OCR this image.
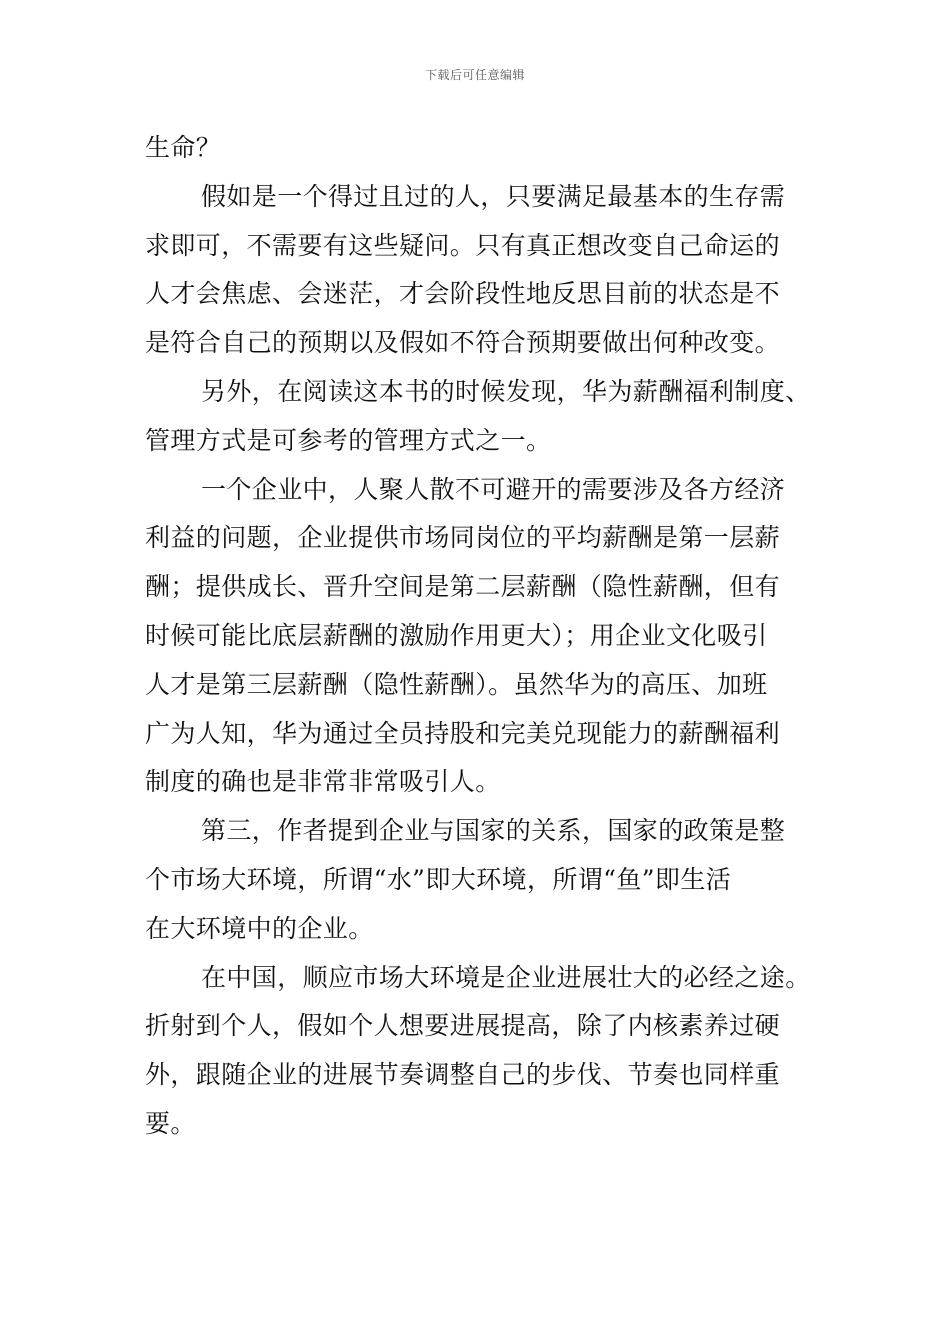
下载后可任意编辑
生命？
假如是一个得过且过的人，只要满足最基本的生存需
求即可，不需要有这些疑问。只有真正想改变自己命运的
人才会焦虑、会迷茫，才会阶段性地反思目前的状态是不
是符合自己的预期以及假如不符合预期要做出何种改变。
另外，在阅读这本书的时候发现，华为薪酬福利制度、
管理方式是可参考的管理方式之一。
一个企业中，人聚人散不可避开的需要涉及各方经济
利益的问题，企业提供市场同岗位的平均薪酬是第一层薪
酬；提供成长、晋升空间是第二层薪酬（隐性薪酬，但有
时候可能比底层薪酬的激励作用更大）；用企业文化吸引
人才是第三层薪酬（隐性薪酬）。虽然华为的高压、加班
广为人知，华为通过全员持股和完美兑现能力的薪酬福利
制度的确也是非常非常吸引人。
第三，作者提到企业与国家的关系，国家的政策是整
个市场大环境，所谓“水”即大环境，所谓“鱼”即生活
在大环境中的企业。
在中国，顺应市场大环境是企业进展壮大的必经之途。
折射到个人，假如个人想要进展提高，除了内核素养过硬
外，跟随企业的进展节奏调整自己的步伐、节奏也同样重
要。
